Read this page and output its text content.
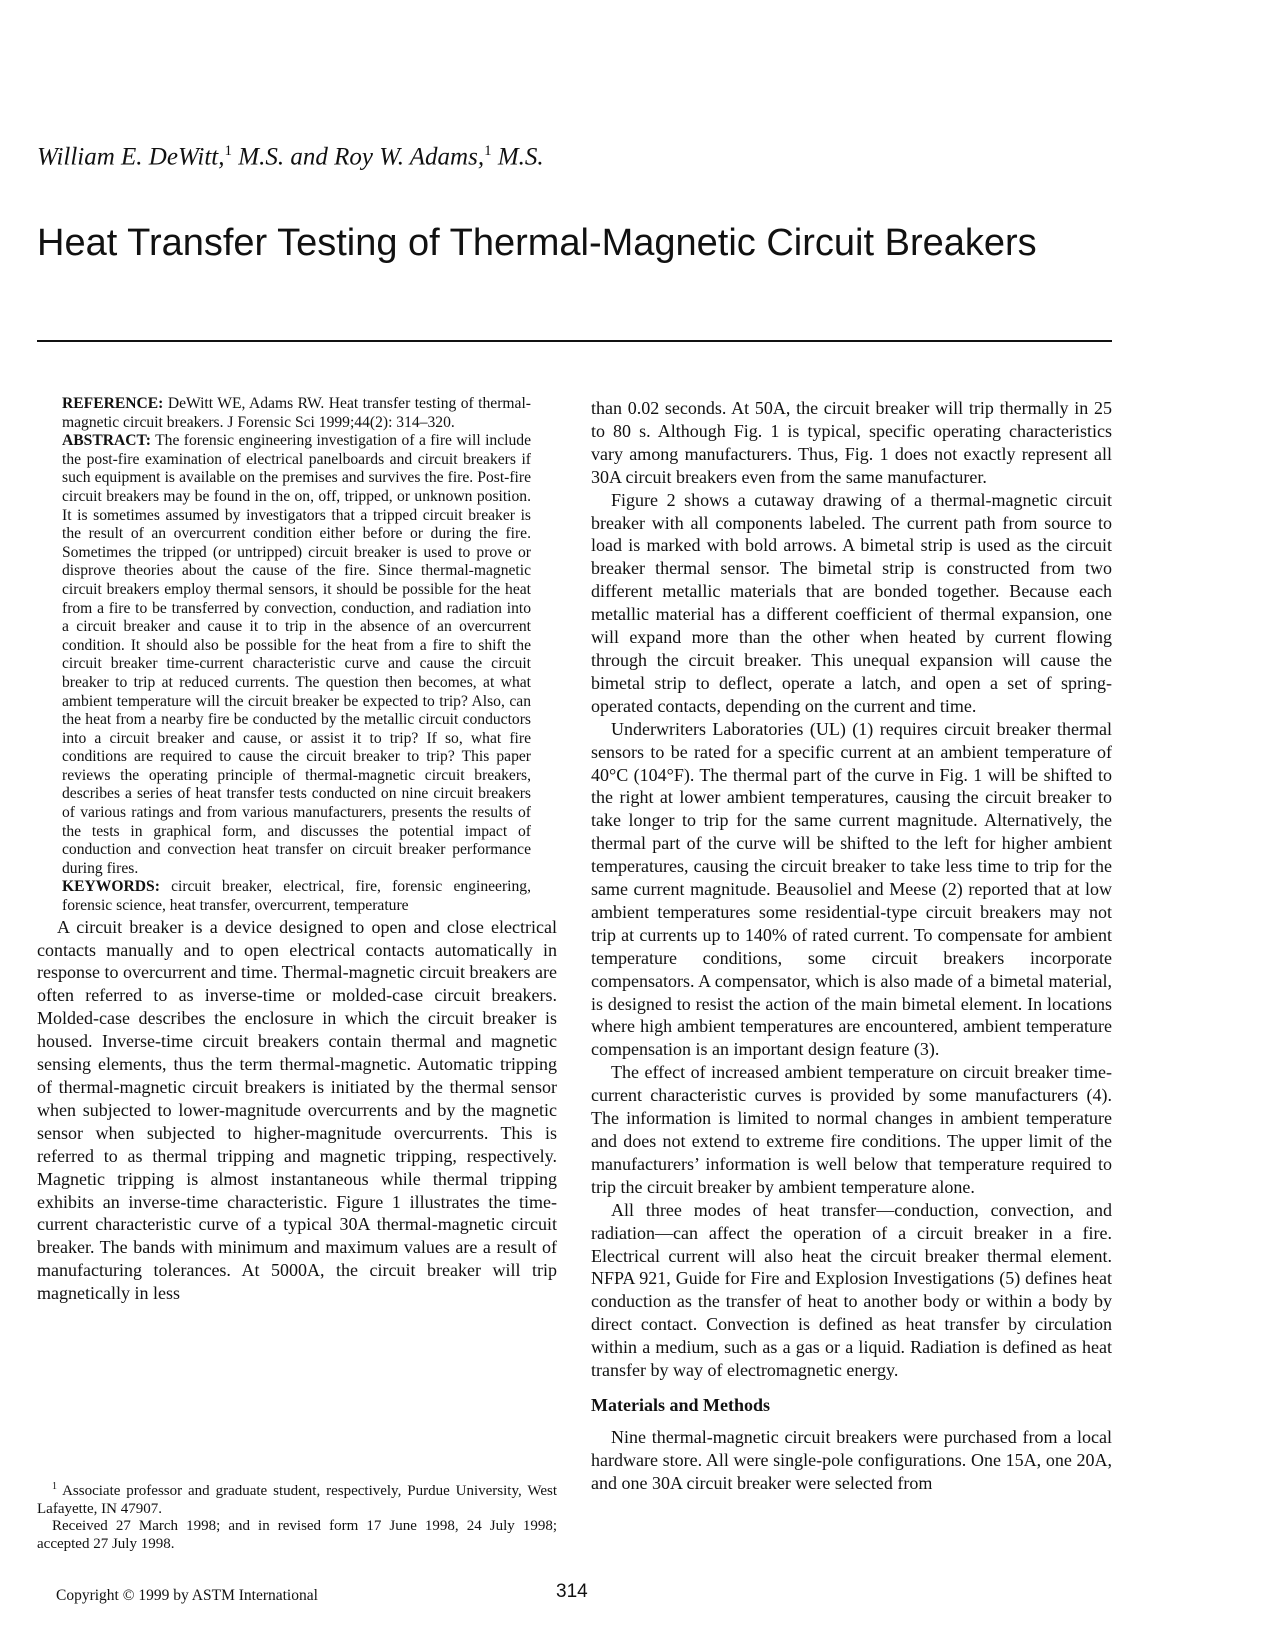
William E. DeWitt,$^1$ M.S. and Roy W. Adams,$^1$ M.S.
Heat Transfer Testing of Thermal-Magnetic Circuit Breakers

REFERENCE: DeWitt WE, Adams RW. Heat transfer testing of thermal-magnetic circuit breakers. J Forensic Sci 1999;44(2): 314–320.

ABSTRACT: The forensic engineering investigation of a fire will include the post-fire examination of electrical panelboards and circuit breakers if such equipment is available on the premises and survives the fire. Post-fire circuit breakers may be found in the on, off, tripped, or unknown position. It is sometimes assumed by investigators that a tripped circuit breaker is the result of an overcurrent condition either before or during the fire. Sometimes the tripped (or untripped) circuit breaker is used to prove or disprove theories about the cause of the fire. Since thermal-magnetic circuit breakers employ thermal sensors, it should be possible for the heat from a fire to be transferred by convection, conduction, and radiation into a circuit breaker and cause it to trip in the absence of an overcurrent condition. It should also be possible for the heat from a fire to shift the circuit breaker time-current characteristic curve and cause the circuit breaker to trip at reduced currents. The question then becomes, at what ambient temperature will the circuit breaker be expected to trip? Also, can the heat from a nearby fire be conducted by the metallic circuit conductors into a circuit breaker and cause, or assist it to trip? If so, what fire conditions are required to cause the circuit breaker to trip? This paper reviews the operating principle of thermal-magnetic circuit breakers, describes a series of heat transfer tests conducted on nine circuit breakers of various ratings and from various manufacturers, presents the results of the tests in graphical form, and discusses the potential impact of conduction and convection heat transfer on circuit breaker performance during fires.

KEYWORDS: circuit breaker, electrical, fire, forensic engineering, forensic science, heat transfer, overcurrent, temperature

A circuit breaker is a device designed to open and close electrical contacts manually and to open electrical contacts automatically in response to overcurrent and time. Thermal-magnetic circuit breakers are often referred to as inverse-time or molded-case circuit breakers. Molded-case describes the enclosure in which the circuit breaker is housed. Inverse-time circuit breakers contain thermal and magnetic sensing elements, thus the term thermal-magnetic. Automatic tripping of thermal-magnetic circuit breakers is initiated by the thermal sensor when subjected to lower-magnitude overcurrents and by the magnetic sensor when subjected to higher-magnitude overcurrents. This is referred to as thermal tripping and magnetic tripping, respectively. Magnetic tripping is almost instantaneous while thermal tripping exhibits an inverse-time characteristic. Figure 1 illustrates the time-current characteristic curve of a typical 30A thermal-magnetic circuit breaker. The bands with minimum and maximum values are a result of manufacturing tolerances. At 5000A, the circuit breaker will trip magnetically in less

$^1$ Associate professor and graduate student, respectively, Purdue University, West Lafayette, IN 47907.

Received 27 March 1998; and in revised form 17 June 1998, 24 July 1998; accepted 27 July 1998.

Copyright © 1999 by ASTM International	314

than 0.02 seconds. At 50A, the circuit breaker will trip thermally in 25 to 80 s. Although Fig. 1 is typical, specific operating characteristics vary among manufacturers. Thus, Fig. 1 does not exactly represent all 30A circuit breakers even from the same manufacturer.

Figure 2 shows a cutaway drawing of a thermal-magnetic circuit breaker with all components labeled. The current path from source to load is marked with bold arrows. A bimetal strip is used as the circuit breaker thermal sensor. The bimetal strip is constructed from two different metallic materials that are bonded together. Because each metallic material has a different coefficient of thermal expansion, one will expand more than the other when heated by current flowing through the circuit breaker. This unequal expansion will cause the bimetal strip to deflect, operate a latch, and open a set of spring-operated contacts, depending on the current and time.

Underwriters Laboratories (UL) (1) requires circuit breaker thermal sensors to be rated for a specific current at an ambient temperature of 40°C (104°F). The thermal part of the curve in Fig. 1 will be shifted to the right at lower ambient temperatures, causing the circuit breaker to take longer to trip for the same current magnitude. Alternatively, the thermal part of the curve will be shifted to the left for higher ambient temperatures, causing the circuit breaker to take less time to trip for the same current magnitude. Beausoliel and Meese (2) reported that at low ambient temperatures some residential-type circuit breakers may not trip at currents up to 140% of rated current. To compensate for ambient temperature conditions, some circuit breakers incorporate compensators. A compensator, which is also made of a bimetal material, is designed to resist the action of the main bimetal element. In locations where high ambient temperatures are encountered, ambient temperature compensation is an important design feature (3).

The effect of increased ambient temperature on circuit breaker time-current characteristic curves is provided by some manufacturers (4). The information is limited to normal changes in ambient temperature and does not extend to extreme fire conditions. The upper limit of the manufacturers’ information is well below that temperature required to trip the circuit breaker by ambient temperature alone.

All three modes of heat transfer—conduction, convection, and radiation—can affect the operation of a circuit breaker in a fire. Electrical current will also heat the circuit breaker thermal element. NFPA 921, Guide for Fire and Explosion Investigations (5) defines heat conduction as the transfer of heat to another body or within a body by direct contact. Convection is defined as heat transfer by circulation within a medium, such as a gas or a liquid. Radiation is defined as heat transfer by way of electromagnetic energy.

Materials and Methods

Nine thermal-magnetic circuit breakers were purchased from a local hardware store. All were single-pole configurations. One 15A, one 20A, and one 30A circuit breaker were selected from
